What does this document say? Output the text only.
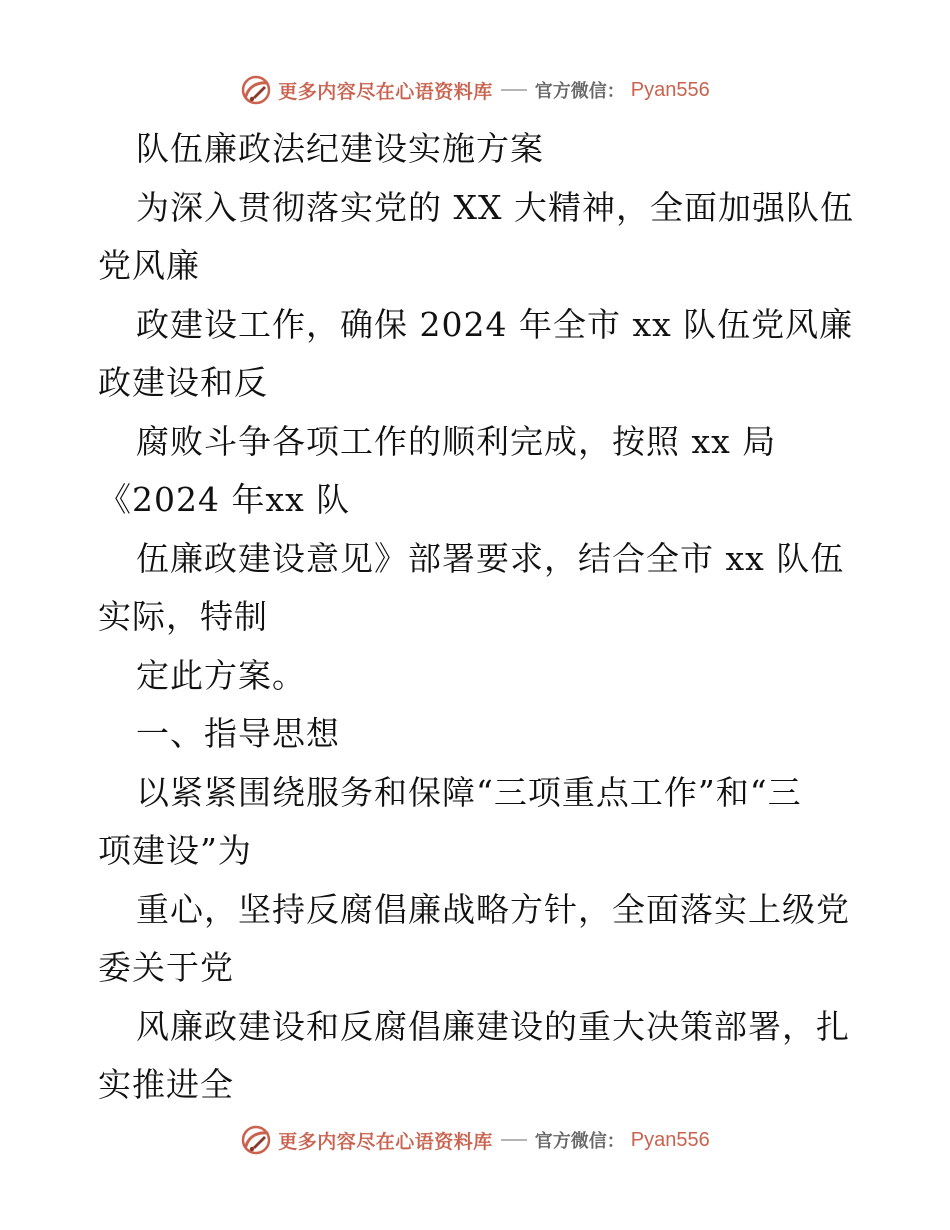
更多内容尽在心语资料库 官方微信： Pyan556
队伍廉政法纪建设实施方案
为深入贯彻落实党的 XX 大精神，全面加强队伍
党风廉
政建设工作，确保 2024 年全市 xx 队伍党风廉
政建设和反
腐败斗争各项工作的顺利完成，按照 xx 局
《2024 年xx 队
伍廉政建设意见》部署要求，结合全市 xx 队伍
实际，特制
定此方案。
一、指导思想
以紧紧围绕服务和保障“三项重点工作”和“三
项建设”为
重心，坚持反腐倡廉战略方针，全面落实上级党
委关于党
风廉政建设和反腐倡廉建设的重大决策部署，扎
实推进全
更多内容尽在心语资料库 官方微信： Pyan556
